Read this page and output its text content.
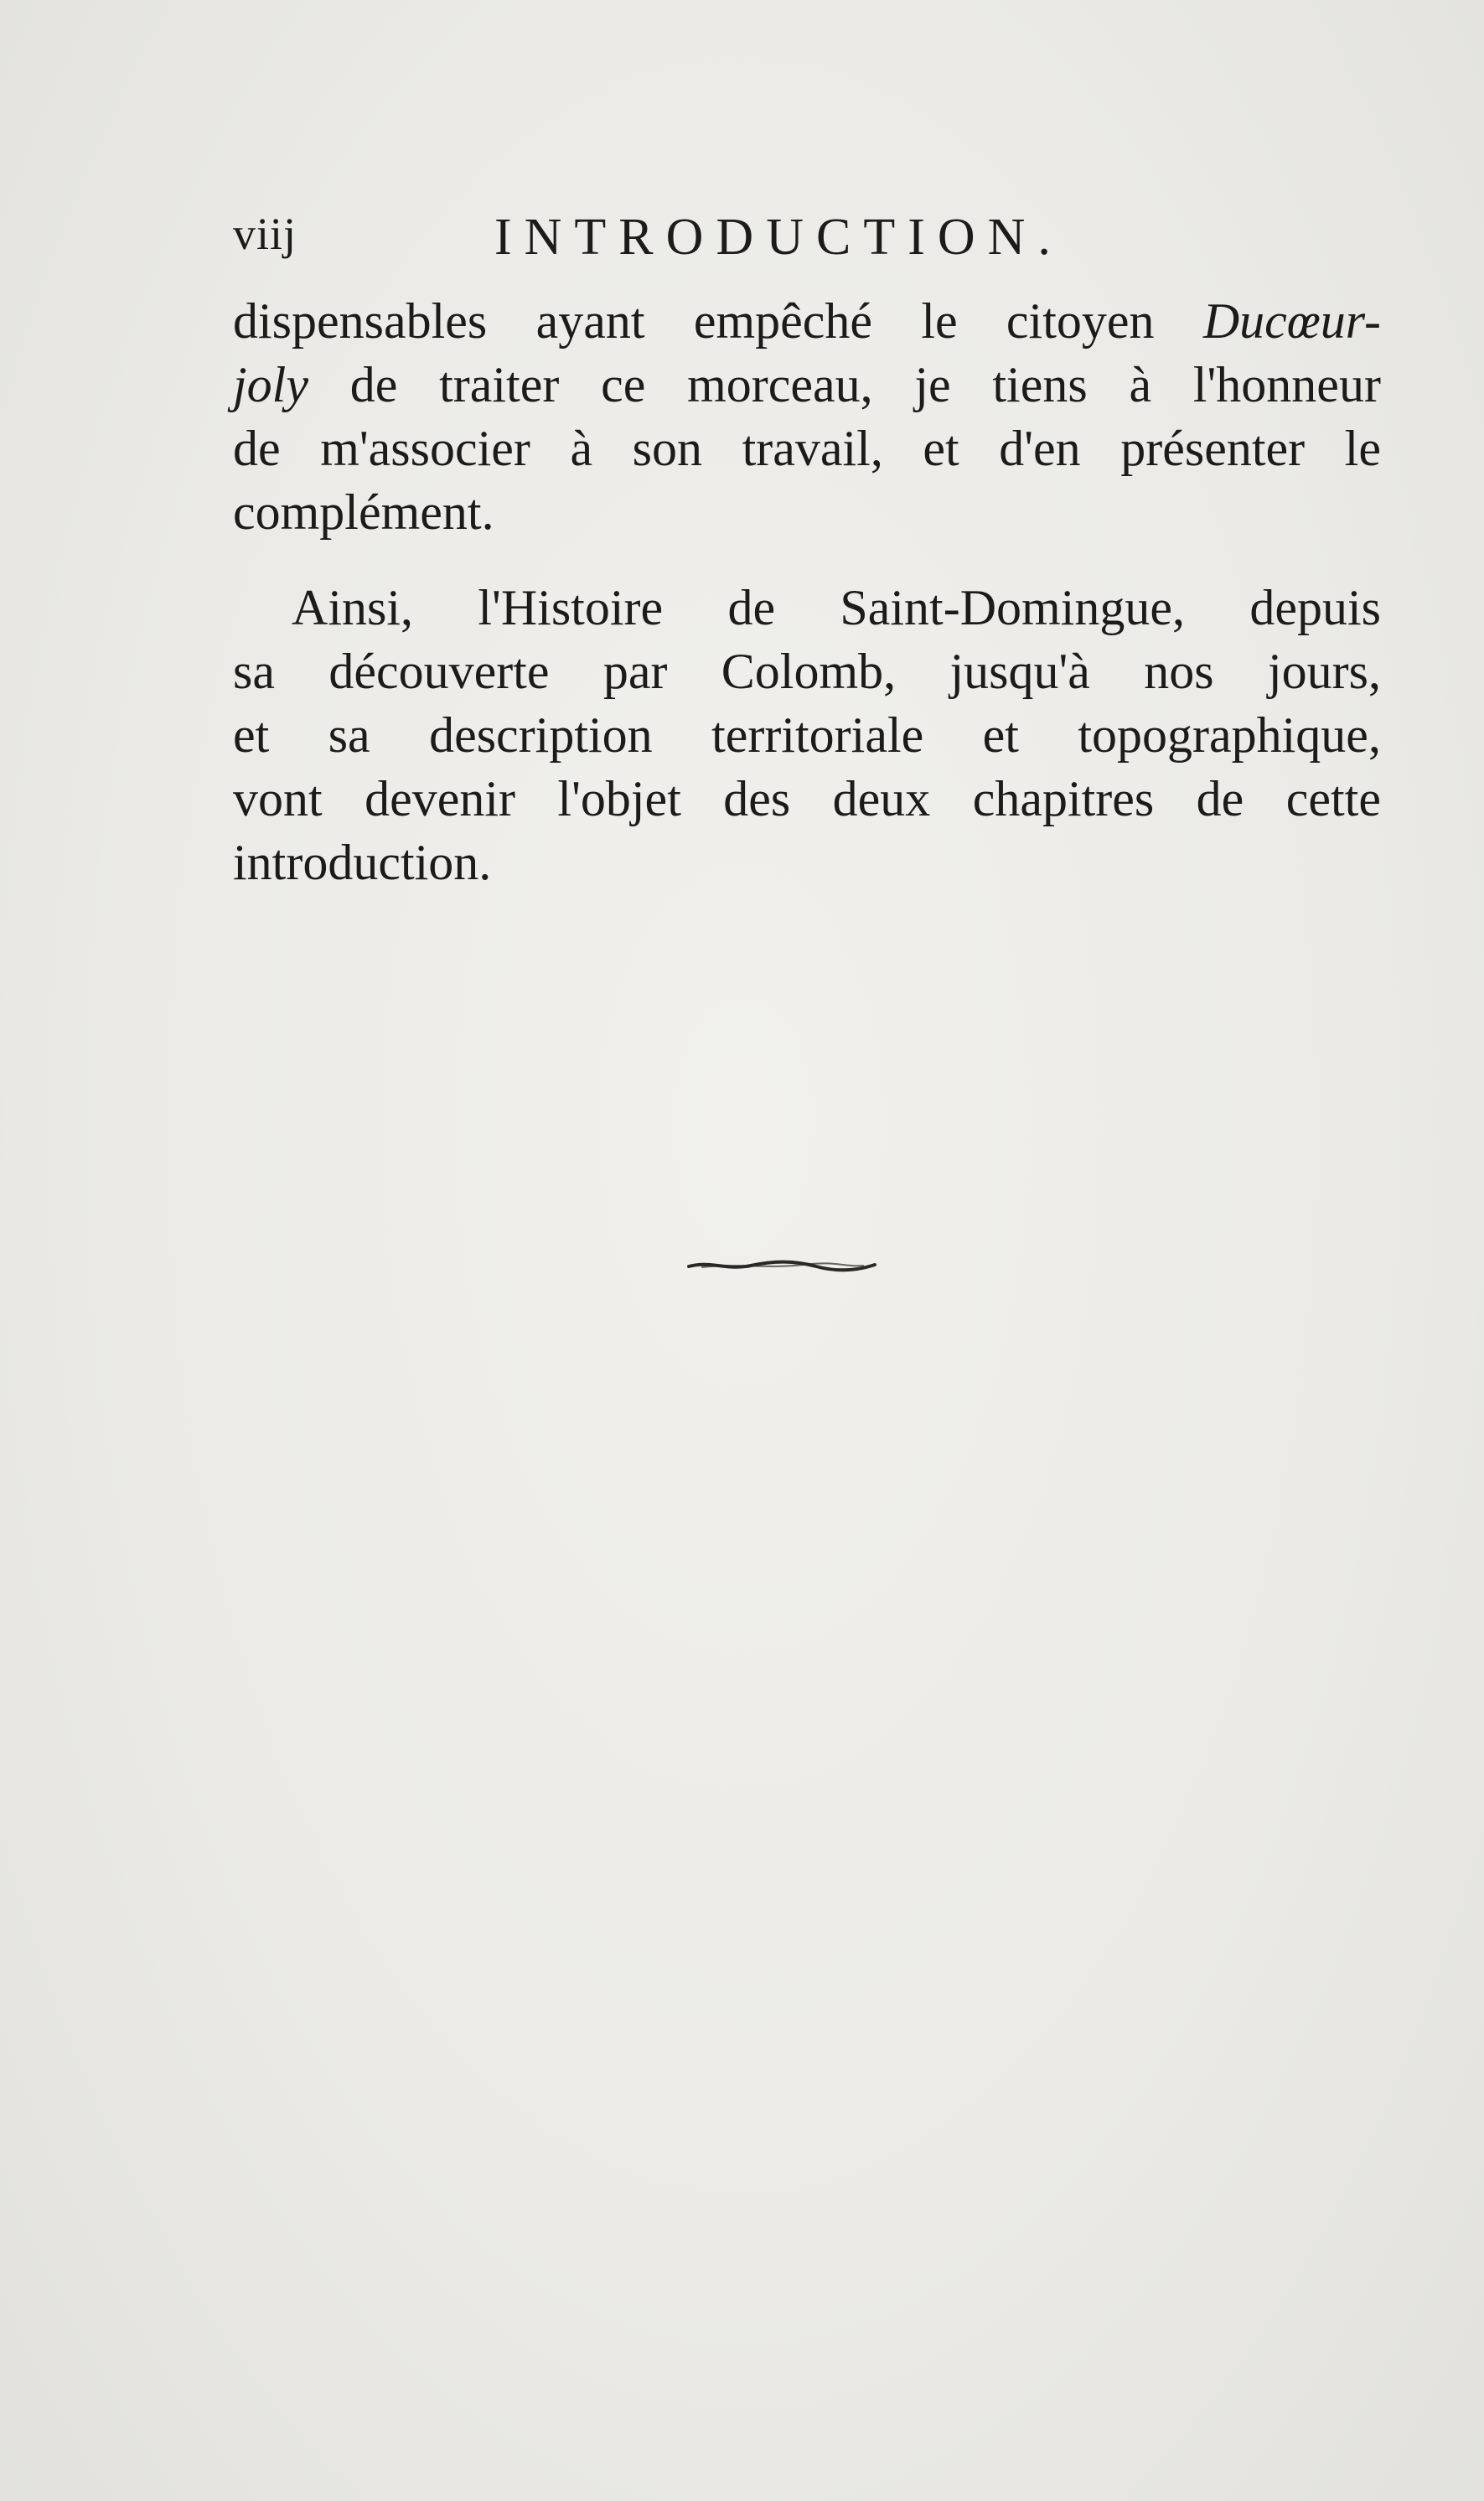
viij	INTRODUCTION.
dispensables ayant empêché le citoyen Ducœur-
joly de traiter ce morceau, je tiens à l'honneur
de m'associer à son travail, et d'en présenter le
complément.
Ainsi, l'Histoire de Saint-Domingue, depuis
sa découverte par Colomb, jusqu'à nos jours,
et sa description territoriale et topographique,
vont devenir l'objet des deux chapitres de cette
introduction.
